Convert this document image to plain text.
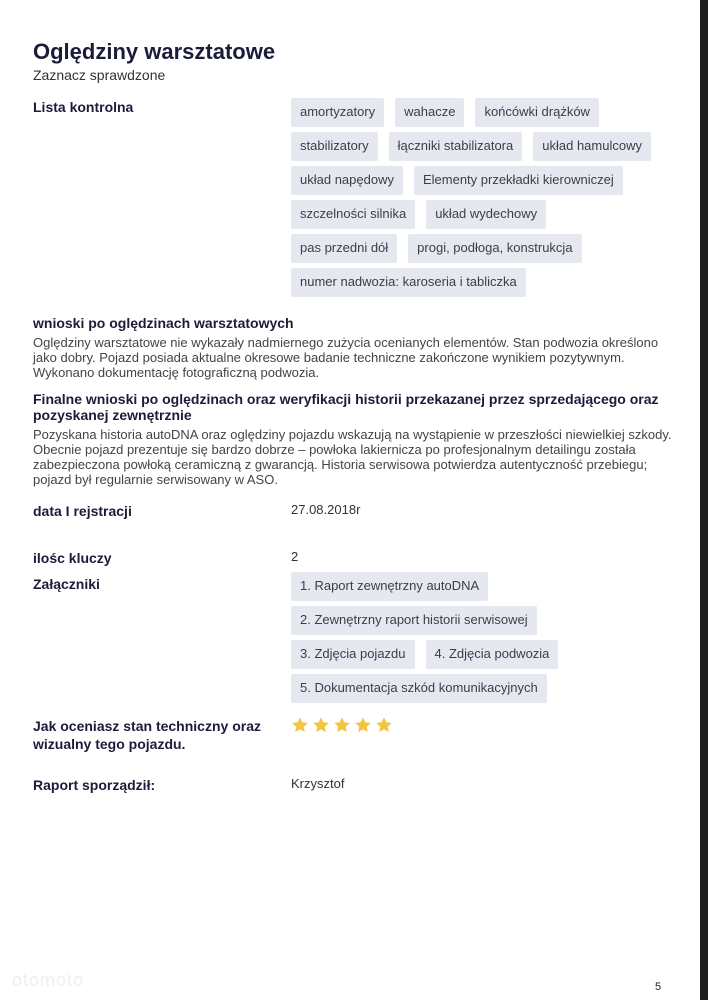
otomoto
Oględziny warsztatowe
Zaznacz sprawdzone
Lista kontrolna	amortyzatory	wahacze	końcówki drążków
stabilizatory	łączniki stabilizatora	układ hamulcowy
układ napędowy	Elementy przekładki kierowniczej
szczelności silnika	układ wydechowy
pas przedni dół	progi, podłoga, konstrukcja
numer nadwozia: karoseria i tabliczka
wnioski po oględzinach warsztatowych
Oględziny warsztatowe nie wykazały nadmiernego zużycia ocenianych elementów. Stan podwozia określono jako dobry. Pojazd posiada aktualne okresowe badanie techniczne zakończone wynikiem pozytywnym. Wykonano dokumentację fotograficzną podwozia.
Finalne wnioski po oględzinach oraz weryfikacji historii przekazanej przez sprzedającego oraz pozyskanej zewnętrznie
Pozyskana historia autoDNA oraz oględziny pojazdu wskazują na wystąpienie w przeszłości niewielkiej szkody. Obecnie pojazd prezentuje się bardzo dobrze – powłoka lakiernicza po profesjonalnym detailingu została zabezpieczona powłoką ceramiczną z gwarancją. Historia serwisowa potwierdza autentyczność przebiegu; pojazd był regularnie serwisowany w ASO.
data I rejstracji	27.08.2018r
ilośc kluczy	2
Załączniki	1. Raport zewnętrzny autoDNA
2. Zewnętrzny raport historii serwisowej
3. Zdjęcia pojazdu	4. Zdjęcia podwozia
5. Dokumentacja szkód komunikacyjnych
Jak oceniasz stan techniczny oraz wizualny tego pojazdu.
Raport sporządził:	Krzysztof
5
